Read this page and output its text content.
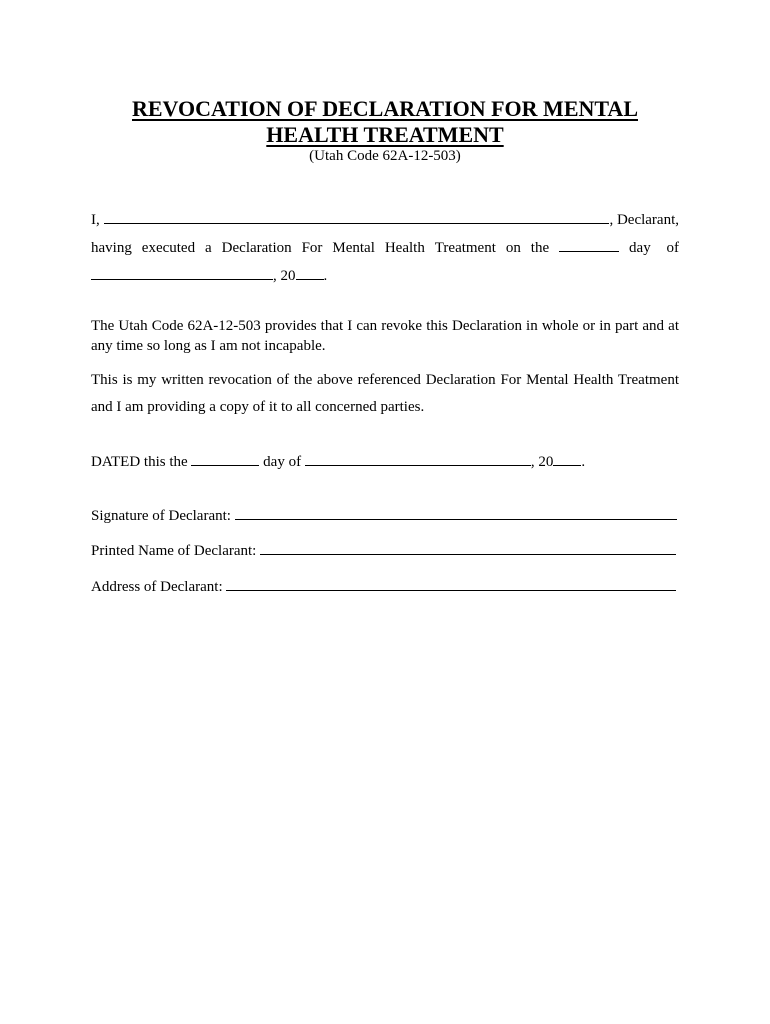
REVOCATION OF DECLARATION FOR MENTAL
HEALTH TREATMENT
(Utah Code 62A-12-503)
I,	, Declarant,
having executed a Declaration For Mental Health Treatment on the	day of
, 20 .
The Utah Code 62A-12-503 provides that I can revoke this Declaration in whole or in part and at any time so long as I am not incapable.
This is my written revocation of the above referenced Declaration For Mental Health Treatment
and I am providing a copy of it to all concerned parties.
DATED this the	day of	, 20 .
Signature of Declarant:
Printed Name of Declarant:
Address of Declarant:
